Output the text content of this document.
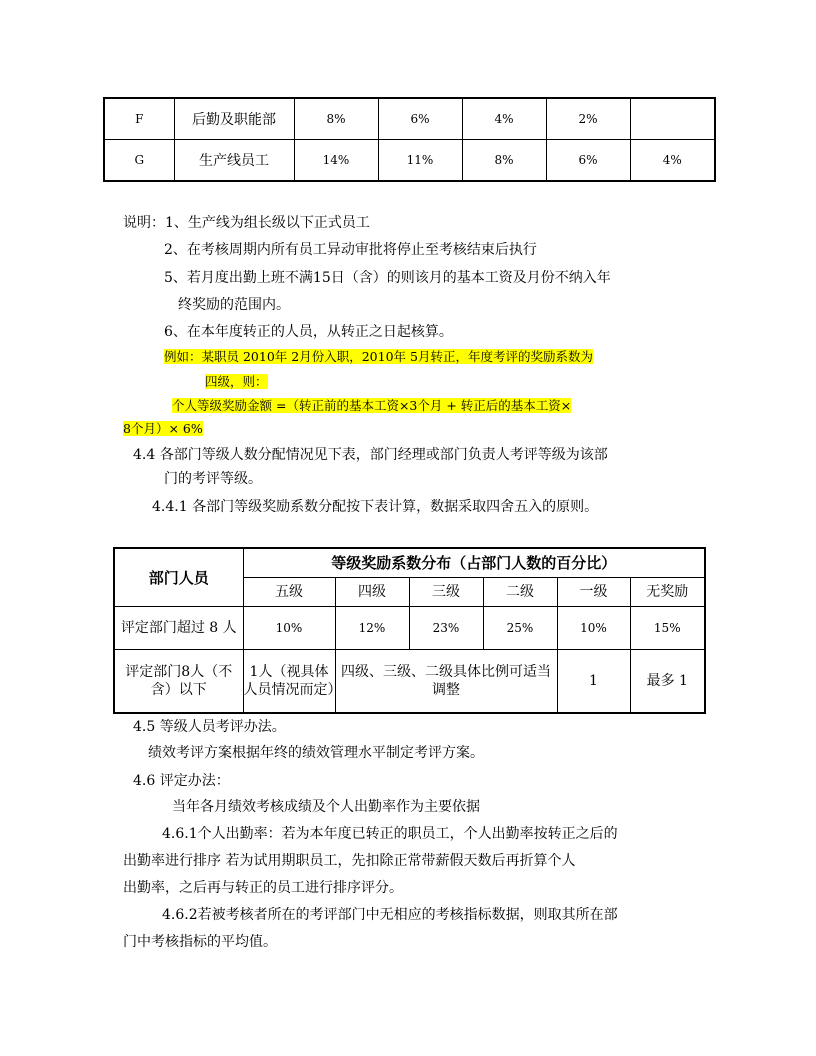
F	后勤及职能部	8%	6%	4%	2%	
G	生产线员工	14%	11%	8%	6%	4%
说明：1、生产线为组长级以下正式员工
2、在考核周期内所有员工异动审批将停止至考核结束后执行
5、若月度出勤上班不满15日（含）的则该月的基本工资及月份不纳入年
终奖励的范围内。
6、在本年度转正的人员，从转正之日起核算。
例如：某职员 2010年 2月份入职，2010年 5月转正，年度考评的奖励系数为
四级，则：
个人等级奖励金额 =（转正前的基本工资×3个月 + 转正后的基本工资×
8个月）× 6%
4.4 各部门等级人数分配情况见下表，部门经理或部门负责人考评等级为该部
门的考评等级。
4.4.1 各部门等级奖励系数分配按下表计算，数据采取四舍五入的原则。
部门人员	等级奖励系数分布（占部门人数的百分比）					
	五级	四级	三级	二级	一级	无奖励
评定部门超过 8 人	10%	12%	23%	25%	10%	15%
评定部门8人（不含）以下	1人（视具体人员情况而定）	四级、三级、二级具体比例可适当调整			1	最多 1
4.5 等级人员考评办法。
绩效考评方案根据年终的绩效管理水平制定考评方案。
4.6 评定办法：
当年各月绩效考核成绩及个人出勤率作为主要依据
4.6.1个人出勤率：若为本年度已转正的职员工，个人出勤率按转正之后的
出勤率进行排序 若为试用期职员工，先扣除正常带薪假天数后再折算个人
出勤率，之后再与转正的员工进行排序评分。
4.6.2若被考核者所在的考评部门中无相应的考核指标数据，则取其所在部
门中考核指标的平均值。
